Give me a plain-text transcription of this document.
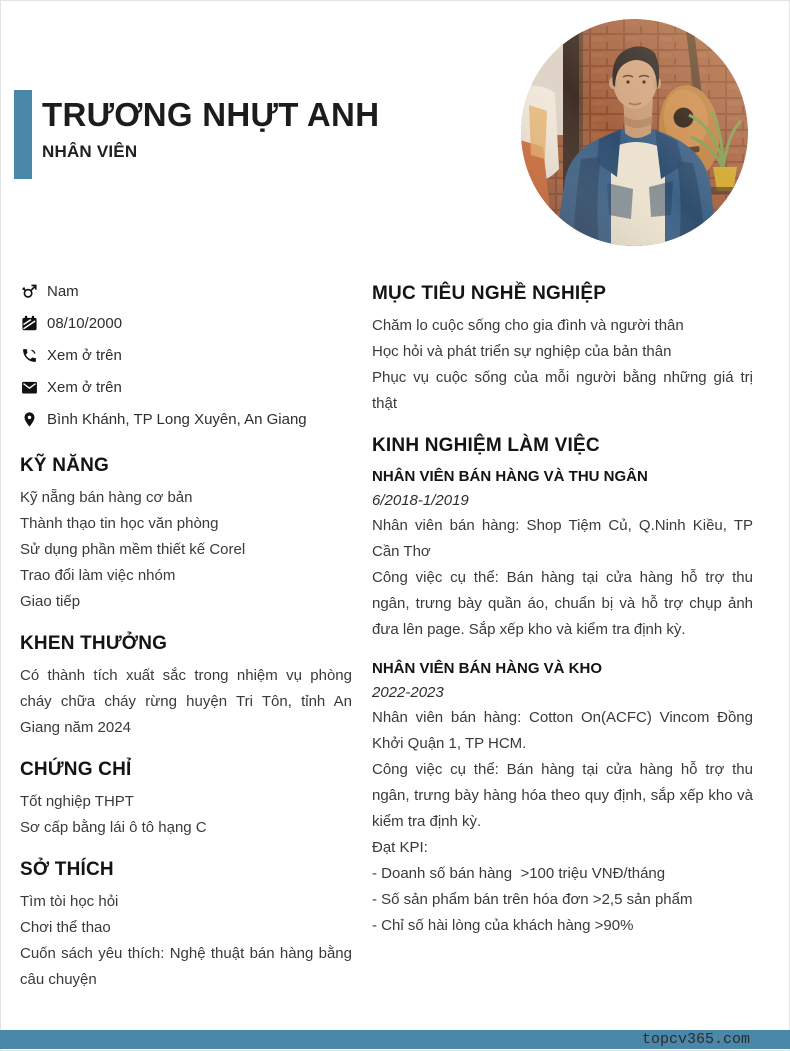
TRƯƠNG NHỰT ANH
NHÂN VIÊN
Nam
08/10/2000
Xem ở trên
Xem ở trên
Bình Khánh, TP Long Xuyên, An Giang
KỸ NĂNG
Kỹ nẵng bán hàng cơ bản
Thành thạo tin học văn phòng
Sử dụng phần mềm thiết kế Corel
Trao đổi làm việc nhóm
Giao tiếp
KHEN THƯỞNG
Có thành tích xuất sắc trong nhiệm vụ phòng cháy chữa cháy rừng huyện Tri Tôn, tỉnh An Giang năm 2024
CHỨNG CHỈ
Tốt nghiệp THPT
Sơ cấp bằng lái ô tô hạng C
SỞ THÍCH
Tìm tòi học hỏi
Chơi thể thao
Cuốn sách yêu thích: Nghệ thuật bán hàng bằng câu chuyện
MỤC TIÊU NGHỀ NGHIỆP
Chăm lo cuộc sống cho gia đình và người thân
Học hỏi và phát triển sự nghiệp của bản thân
Phục vụ cuộc sống của mỗi người bằng những giá trị thật
KINH NGHIỆM LÀM VIỆC
NHÂN VIÊN BÁN HÀNG VÀ THU NGÂN
6/2018-1/2019

Nhân viên bán hàng: Shop Tiệm Củ, Q.Ninh Kiều, TP Cần Thơ

Công việc cụ thể: Bán hàng tại cửa hàng hỗ trợ thu ngân, trưng bày quần áo, chuẩn bị và hỗ trợ chụp ảnh đưa lên page. Sắp xếp kho và kiểm tra định kỳ.

NHÂN VIÊN BÁN HÀNG VÀ KHO
2022-2023

Nhân viên bán hàng: Cotton On(ACFC) Vincom Đồng Khởi Quận 1, TP HCM.

Công việc cụ thể: Bán hàng tại cửa hàng hỗ trợ thu ngân, trưng bày hàng hóa theo quy định, sắp xếp kho và kiểm tra định kỳ.

Đạt KPI:

- Doanh số bán hàng  >100 triệu VNĐ/tháng

- Số sản phẩm bán trên hóa đơn >2,5 sản phẩm

- Chỉ số hài lòng của khách hàng >90%

topcv365.com
